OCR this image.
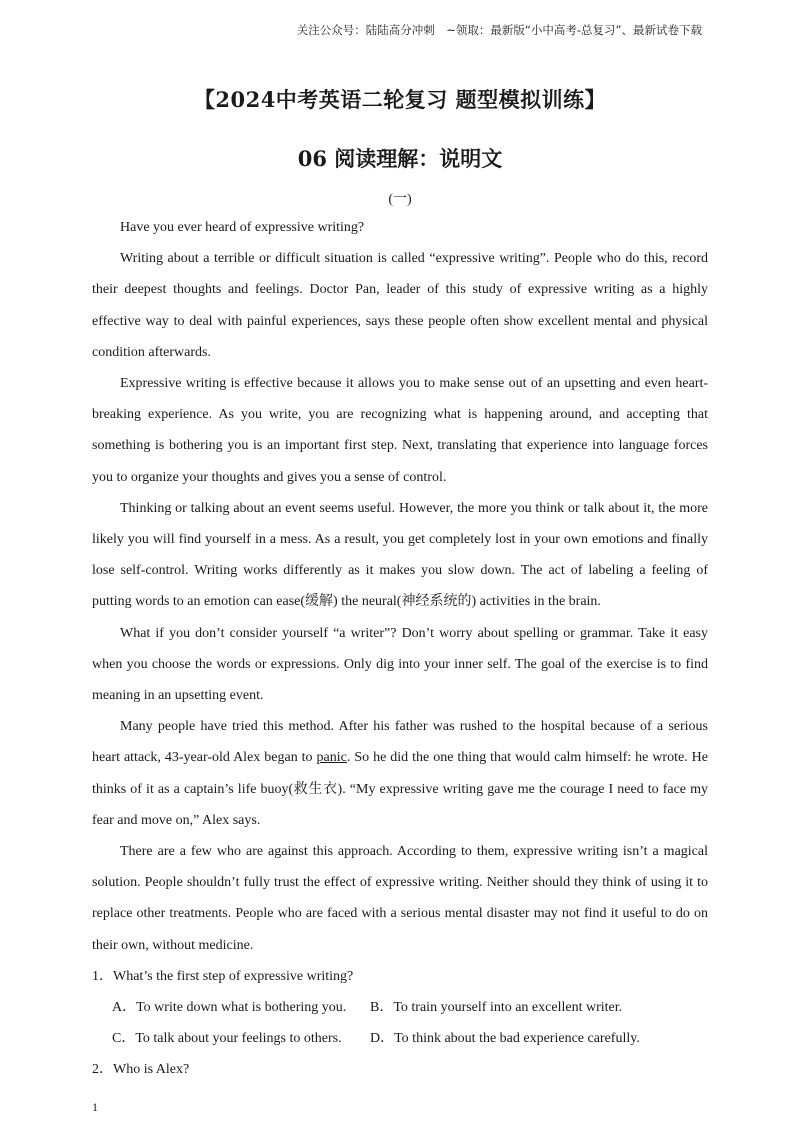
关注公众号：陆陆高分冲刺　~领取：最新版“小中高考-总复习”、最新试卷下载
【2024中考英语二轮复习 题型模拟训练】
06 阅读理解：说明文
(一)

Have you ever heard of expressive writing?

Writing about a terrible or difficult situation is called “expressive writing”. People who do this, record their deepest thoughts and feelings. Doctor Pan, leader of this study of expressive writing as a highly effective way to deal with painful experiences, says these people often show excellent mental and physical condition afterwards.

Expressive writing is effective because it allows you to make sense out of an upsetting and even heart-breaking experience. As you write, you are recognizing what is happening around, and accepting that something is bothering you is an important first step. Next, translating that experience into language forces you to organize your thoughts and gives you a sense of control.

Thinking or talking about an event seems useful. However, the more you think or talk about it, the more likely you will find yourself in a mess. As a result, you get completely lost in your own emotions and finally lose self-control. Writing works differently as it makes you slow down. The act of labeling a feeling of putting words to an emotion can ease(缓解) the neural(神经系统的) activities in the brain.

What if you don’t consider yourself “a writer”? Don’t worry about spelling or grammar. Take it easy when you choose the words or expressions. Only dig into your inner self. The goal of the exercise is to find meaning in an upsetting event.

Many people have tried this method. After his father was rushed to the hospital because of a serious heart attack, 43-year-old Alex began to panic. So he did the one thing that would calm himself: he wrote. He thinks of it as a captain’s life buoy(救生衣). “My expressive writing gave me the courage I need to face my fear and move on,” Alex says.

There are a few who are against this approach. According to them, expressive writing isn’t a magical solution. People shouldn’t fully trust the effect of expressive writing. Neither should they think of using it to replace other treatments. People who are faced with a serious mental disaster may not find it useful to do on their own, without medicine.

1．What’s the first step of expressive writing?
A．To write down what is bothering you.	B．To train yourself into an excellent writer.
C．To talk about your feelings to others.	D．To think about the bad experience carefully.
2．Who is Alex?
1
